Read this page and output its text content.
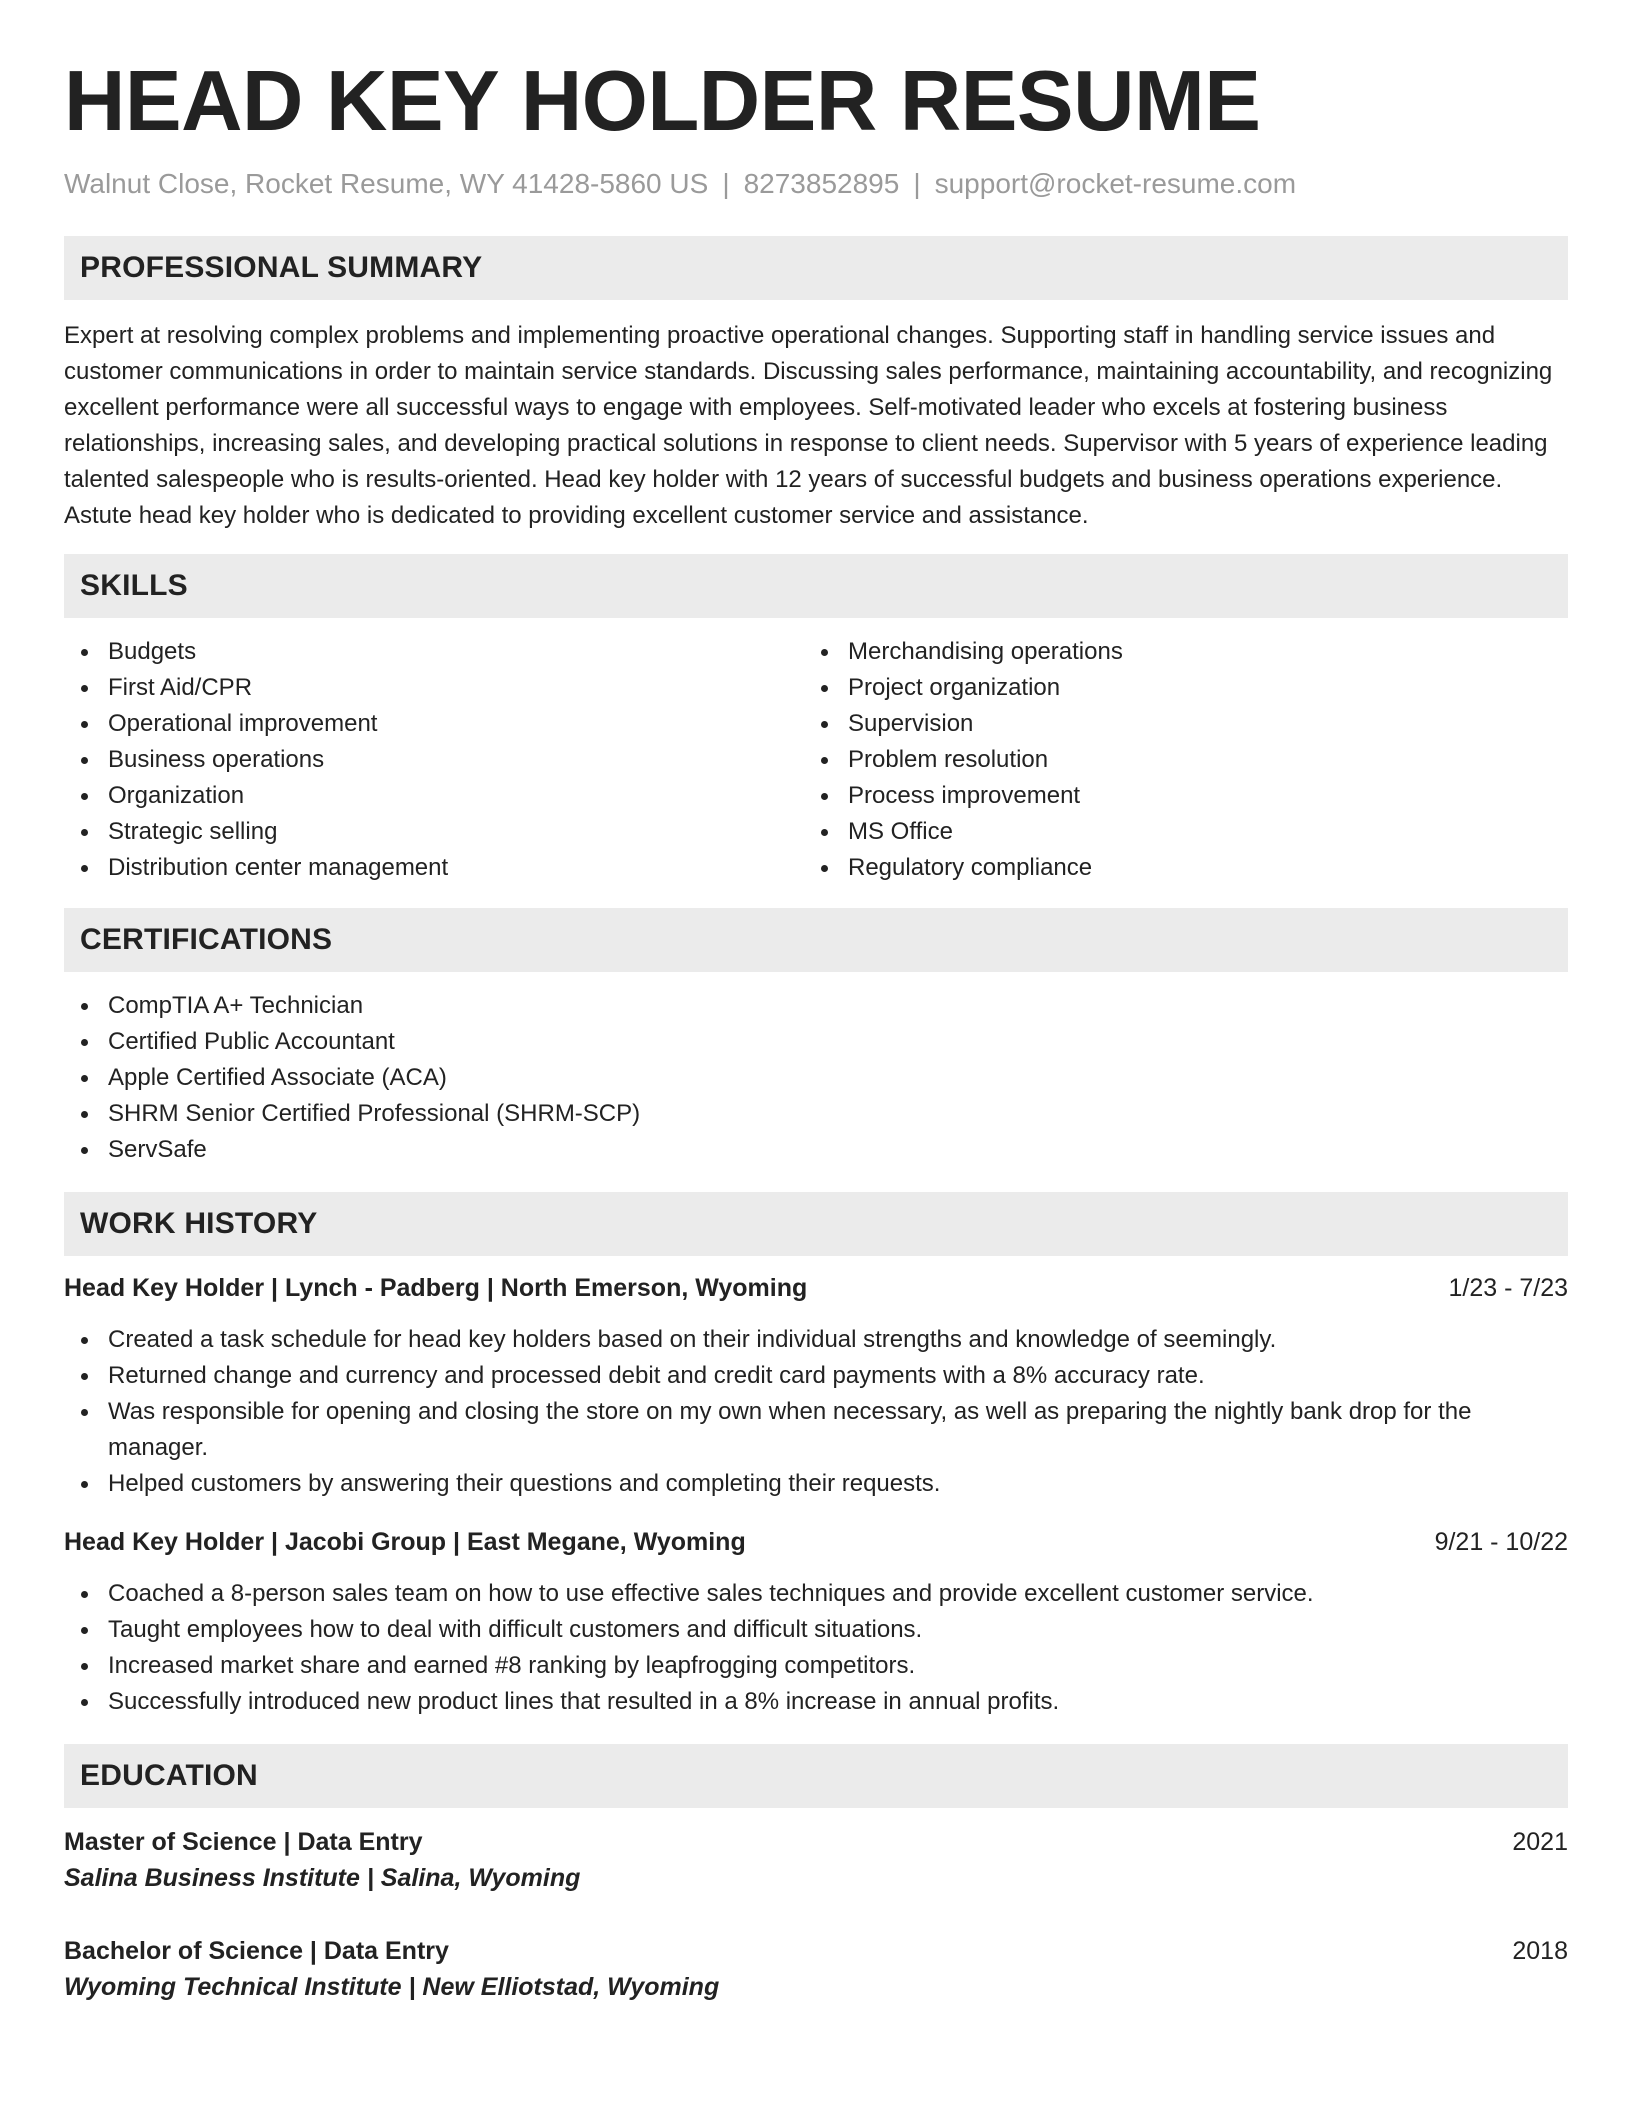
HEAD KEY HOLDER RESUME
Walnut Close, Rocket Resume, WY 41428-5860 US | 8273852895 | support@rocket-resume.com
PROFESSIONAL SUMMARY

Expert at resolving complex problems and implementing proactive operational changes. Supporting staff in handling service issues and customer communications in order to maintain service standards. Discussing sales performance, maintaining accountability, and recognizing excellent performance were all successful ways to engage with employees. Self-motivated leader who excels at fostering business relationships, increasing sales, and developing practical solutions in response to client needs. Supervisor with 5 years of experience leading talented salespeople who is results-oriented. Head key holder with 12 years of successful budgets and business operations experience. Astute head key holder who is dedicated to providing excellent customer service and assistance.

SKILLS
Budgets
First Aid/CPR
Operational improvement
Business operations
Organization
Strategic selling
Distribution center management
Merchandising operations
Project organization
Supervision
Problem resolution
Process improvement
MS Office
Regulatory compliance
CERTIFICATIONS
CompTIA A+ Technician
Certified Public Accountant
Apple Certified Associate (ACA)
SHRM Senior Certified Professional (SHRM-SCP)
ServSafe
WORK HISTORY
Head Key Holder | Lynch - Padberg | North Emerson, Wyoming	1/23 - 7/23
Created a task schedule for head key holders based on their individual strengths and knowledge of seemingly.
Returned change and currency and processed debit and credit card payments with a 8% accuracy rate.
Was responsible for opening and closing the store on my own when necessary, as well as preparing the nightly bank drop for the manager.
Helped customers by answering their questions and completing their requests.
Head Key Holder | Jacobi Group | East Megane, Wyoming	9/21 - 10/22
Coached a 8-person sales team on how to use effective sales techniques and provide excellent customer service.
Taught employees how to deal with difficult customers and difficult situations.
Increased market share and earned #8 ranking by leapfrogging competitors.
Successfully introduced new product lines that resulted in a 8% increase in annual profits.
EDUCATION
Master of Science | Data Entry	2021
Salina Business Institute | Salina, Wyoming
Bachelor of Science | Data Entry	2018
Wyoming Technical Institute | New Elliotstad, Wyoming
